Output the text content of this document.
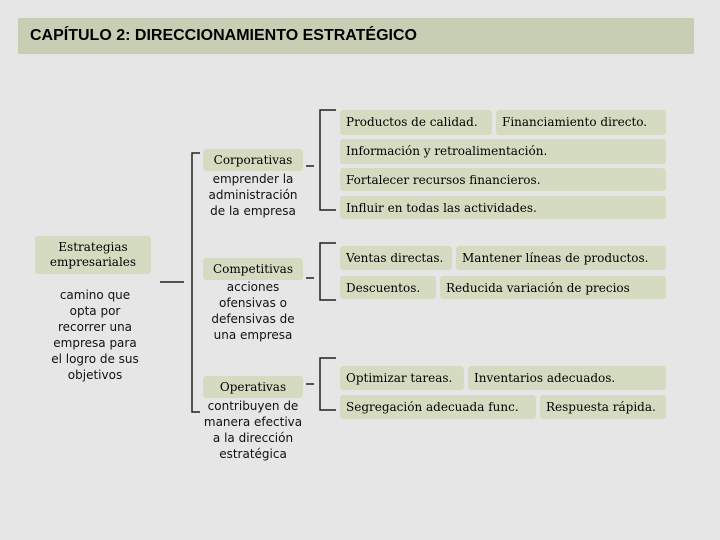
CAPÍTULO 2: DIRECCIONAMIENTO ESTRATÉGICO
Estrategias empresariales
camino que opta por recorrer una empresa para el logro de sus objetivos
Corporativas
emprender la administración de la empresa
Competitivas
acciones ofensivas o defensivas de una empresa
Operativas
contribuyen de manera efectiva a la dirección estratégica
Productos de calidad.	Financiamiento directo.
Información y retroalimentación.
Fortalecer recursos financieros.
Influir en todas las actividades.
Ventas directas.	Mantener líneas de productos.
Descuentos.	Reducida variación de precios
Optimizar tareas.	Inventarios adecuados.
Segregación adecuada func.	Respuesta rápida.
